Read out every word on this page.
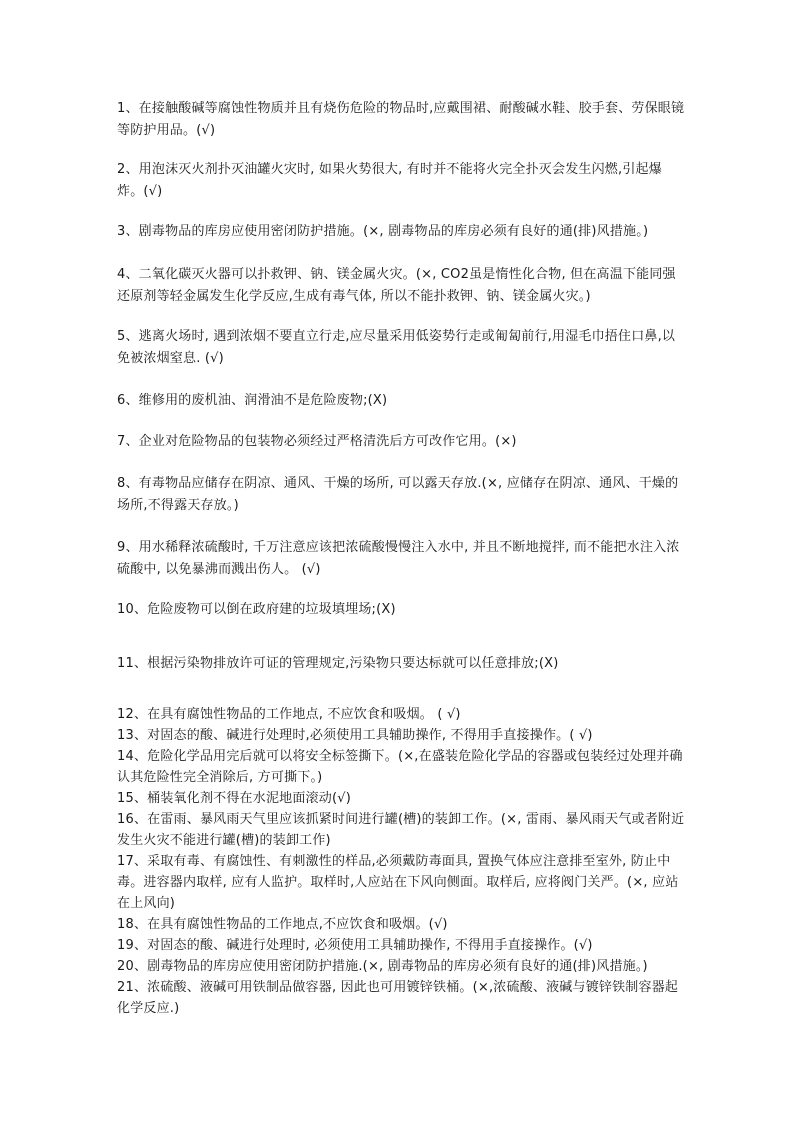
1、在接触酸碱等腐蚀性物质并且有烧伤危险的物品时,应戴围裙、耐酸碱水鞋、胶手套、劳保眼镜等防护用品。(√)

2、用泡沫灭火剂扑灭油罐火灾时, 如果火势很大, 有时并不能将火完全扑灭会发生闪燃,引起爆炸。(√)

3、剧毒物品的库房应使用密闭防护措施。(×, 剧毒物品的库房必须有良好的通(排)风措施。)

4、二氧化碳灭火器可以扑救钾、钠、镁金属火灾。(×, CO2虽是惰性化合物, 但在高温下能同强还原剂等轻金属发生化学反应,生成有毒气体, 所以不能扑救钾、钠、镁金属火灾。)

5、逃离火场时, 遇到浓烟不要直立行走,应尽量采用低姿势行走或匍匐前行,用湿毛巾捂住口鼻,以免被浓烟窒息. (√)

6、维修用的废机油、润滑油不是危险废物;(X)

7、企业对危险物品的包装物必须经过严格清洗后方可改作它用。(×)

8、有毒物品应储存在阴凉、通风、干燥的场所, 可以露天存放.(×, 应储存在阴凉、通风、干燥的场所,不得露天存放。)

9、用水稀释浓硫酸时, 千万注意应该把浓硫酸慢慢注入水中, 并且不断地搅拌, 而不能把水注入浓硫酸中, 以免暴沸而溅出伤人。 (√)

10、危险废物可以倒在政府建的垃圾填埋场;(X)

11、根据污染物排放许可证的管理规定,污染物只要达标就可以任意排放;(X)

12、在具有腐蚀性物品的工作地点, 不应饮食和吸烟。 ( √)

13、对固态的酸、碱进行处理时,必须使用工具辅助操作, 不得用手直接操作。( √)

14、危险化学品用完后就可以将安全标签撕下。(×,在盛装危险化学品的容器或包装经过处理并确认其危险性完全消除后, 方可撕下。)

15、桶装氧化剂不得在水泥地面滚动(√)

16、在雷雨、暴风雨天气里应该抓紧时间进行罐(槽)的装卸工作。(×, 雷雨、暴风雨天气或者附近发生火灾不能进行罐(槽)的装卸工作)

17、采取有毒、有腐蚀性、有刺激性的样品,必须戴防毒面具, 置换气体应注意排至室外, 防止中毒。进容器内取样, 应有人监护。取样时,人应站在下风向侧面。取样后, 应将阀门关严。(×, 应站在上风向)

18、在具有腐蚀性物品的工作地点,不应饮食和吸烟。(√)

19、对固态的酸、碱进行处理时, 必须使用工具辅助操作, 不得用手直接操作。(√)

20、剧毒物品的库房应使用密闭防护措施.(×, 剧毒物品的库房必须有良好的通(排)风措施。)

21、浓硫酸、液碱可用铁制品做容器, 因此也可用镀锌铁桶。(×,浓硫酸、液碱与镀锌铁制容器起化学反应.)
